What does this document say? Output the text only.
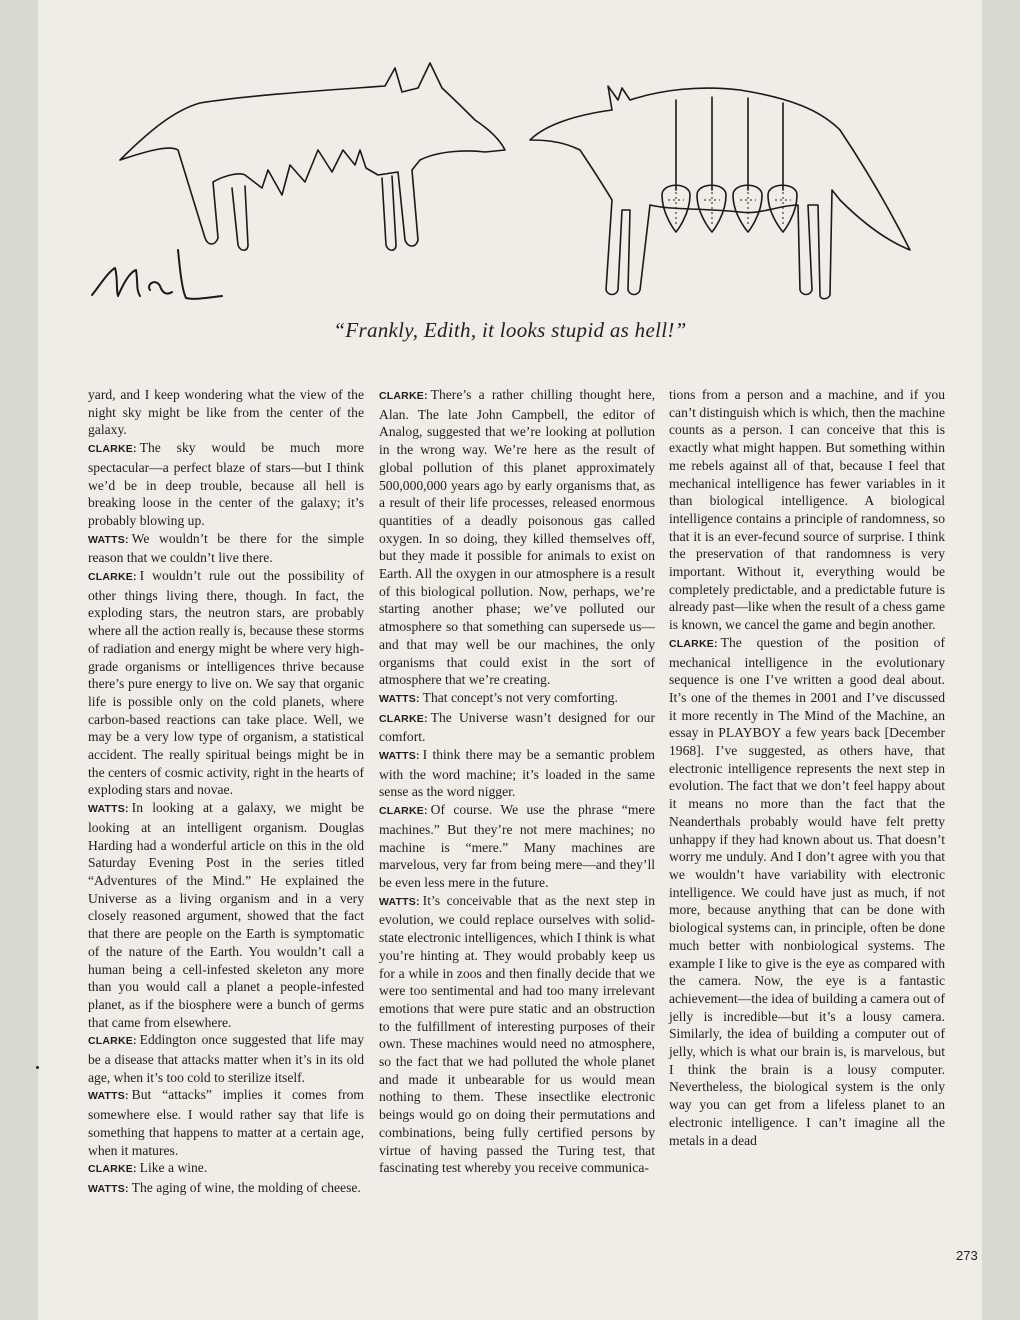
“Frankly, Edith, it looks stupid as hell!”

yard, and I keep wondering what the view of the night sky might be like from the center of the galaxy.

CLARKE: The sky would be much more spectacular—a perfect blaze of stars—but I think we’d be in deep trouble, because all hell is breaking loose in the center of the galaxy; it’s probably blowing up.

WATTS: We wouldn’t be there for the simple reason that we couldn’t live there.

CLARKE: I wouldn’t rule out the possibility of other things living there, though. In fact, the exploding stars, the neutron stars, are probably where all the action really is, because these storms of radiation and energy might be where very high-grade organisms or intelligences thrive because there’s pure energy to live on. We say that organic life is possible only on the cold planets, where carbon-based reactions can take place. Well, we may be a very low type of organism, a statistical accident. The really spiritual beings might be in the centers of cosmic activity, right in the hearts of exploding stars and novae.

WATTS: In looking at a galaxy, we might be looking at an intelligent organism. Douglas Harding had a wonderful article on this in the old Saturday Evening Post in the series titled “Adventures of the Mind.” He explained the Universe as a living organism and in a very closely reasoned argument, showed that the fact that there are people on the Earth is symptomatic of the nature of the Earth. You wouldn’t call a human being a cell-infested skeleton any more than you would call a planet a people-infested planet, as if the biosphere were a bunch of germs that came from elsewhere.

CLARKE: Eddington once suggested that life may be a disease that attacks matter when it’s in its old age, when it’s too cold to sterilize itself.

WATTS: But “attacks” implies it comes from somewhere else. I would rather say that life is something that happens to matter at a certain age, when it matures.

CLARKE: Like a wine.

WATTS: The aging of wine, the molding of cheese.

CLARKE: There’s a rather chilling thought here, Alan. The late John Campbell, the editor of Analog, suggested that we’re looking at pollution in the wrong way. We’re here as the result of global pollution of this planet approximately 500,000,000 years ago by early organisms that, as a result of their life processes, released enormous quantities of a deadly poisonous gas called oxygen. In so doing, they killed themselves off, but they made it possible for animals to exist on Earth. All the oxygen in our atmosphere is a result of this biological pollution. Now, perhaps, we’re starting another phase; we’ve polluted our atmosphere so that something can supersede us—and that may well be our machines, the only organisms that could exist in the sort of atmosphere that we’re creating.

WATTS: That concept’s not very comforting.

CLARKE: The Universe wasn’t designed for our comfort.

WATTS: I think there may be a semantic problem with the word machine; it’s loaded in the same sense as the word nigger.

CLARKE: Of course. We use the phrase “mere machines.” But they’re not mere machines; no machine is “mere.” Many machines are marvelous, very far from being mere—and they’ll be even less mere in the future.

WATTS: It’s conceivable that as the next step in evolution, we could replace ourselves with solid-state electronic intelligences, which I think is what you’re hinting at. They would probably keep us for a while in zoos and then finally decide that we were too sentimental and had too many irrelevant emotions that were pure static and an obstruction to the fulfillment of interesting purposes of their own. These machines would need no atmosphere, so the fact that we had polluted the whole planet and made it unbearable for us would mean nothing to them. These insectlike electronic beings would go on doing their permutations and combinations, being fully certified persons by virtue of having passed the Turing test, that fascinating test whereby you receive communica-

tions from a person and a machine, and if you can’t distinguish which is which, then the machine counts as a person. I can conceive that this is exactly what might happen. But something within me rebels against all of that, because I feel that mechanical intelligence has fewer variables in it than biological intelligence. A biological intelligence contains a principle of randomness, so that it is an ever-fecund source of surprise. I think the preservation of that randomness is very important. Without it, everything would be completely predictable, and a predictable future is already past—like when the result of a chess game is known, we cancel the game and begin another.

CLARKE: The question of the position of mechanical intelligence in the evolutionary sequence is one I’ve written a good deal about. It’s one of the themes in 2001 and I’ve discussed it more recently in The Mind of the Machine, an essay in PLAYBOY a few years back [December 1968]. I’ve suggested, as others have, that electronic intelligence represents the next step in evolution. The fact that we don’t feel happy about it means no more than the fact that the Neanderthals probably would have felt pretty unhappy if they had known about us. That doesn’t worry me unduly. And I don’t agree with you that we wouldn’t have variability with electronic intelligence. We could have just as much, if not more, because anything that can be done with biological systems can, in principle, often be done much better with nonbiological systems. The example I like to give is the eye as compared with the camera. Now, the eye is a fantastic achievement—the idea of building a camera out of jelly is incredible—but it’s a lousy camera. Similarly, the idea of building a computer out of jelly, which is what our brain is, is marvelous, but I think the brain is a lousy computer. Nevertheless, the biological system is the only way you can get from a lifeless planet to an electronic intelligence. I can’t imagine all the metals in a dead

273
